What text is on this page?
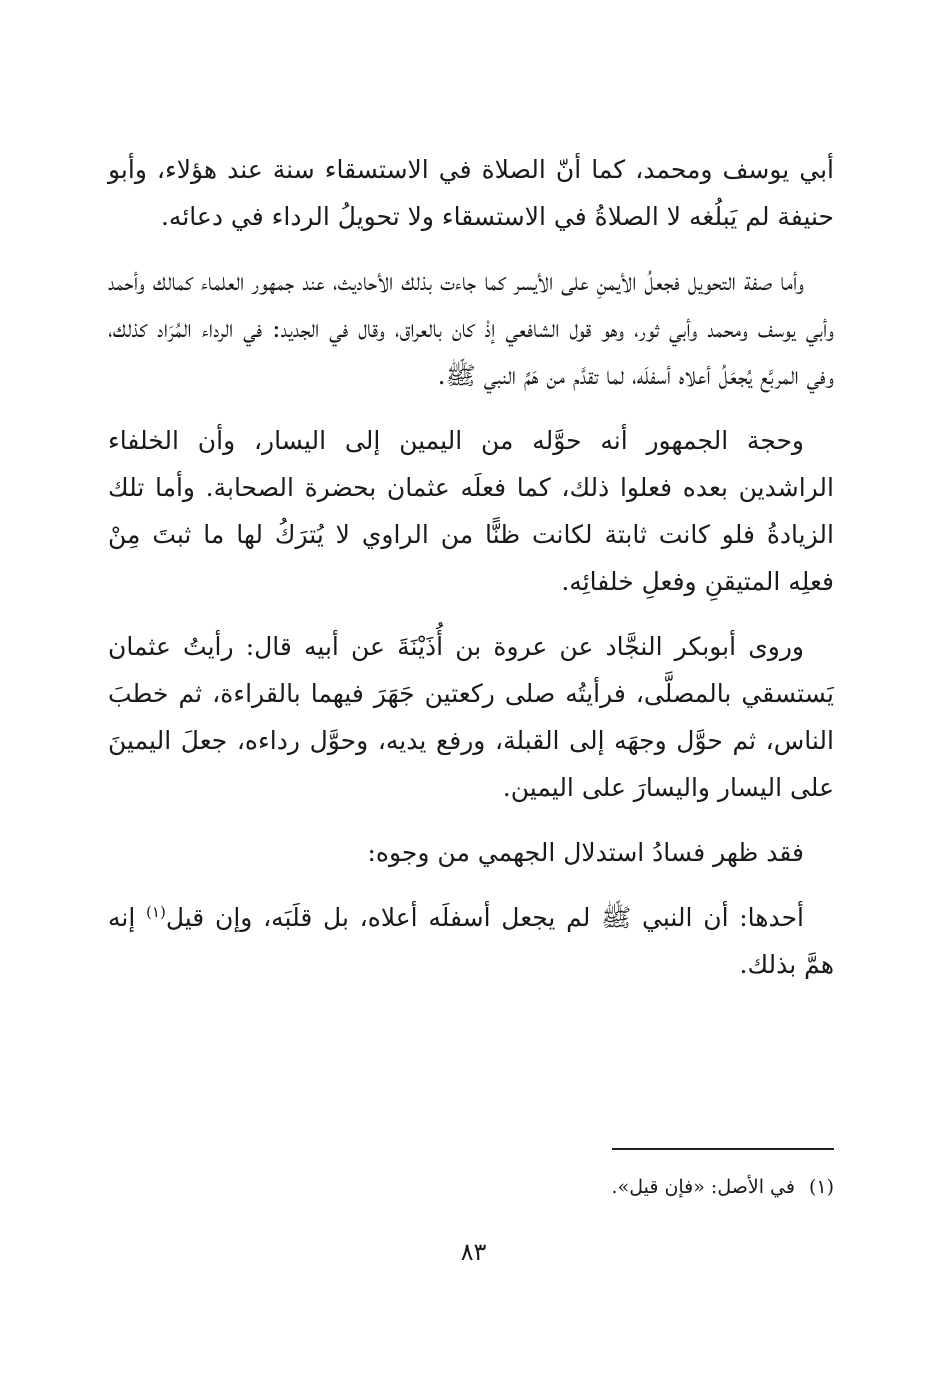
أبي يوسف ومحمد، كما أنّ الصلاة في الاستسقاء سنة عند هؤلاء، وأبو حنيفة لم يَبلُغه لا الصلاةُ في الاستسقاء ولا تحويلُ الرداء في دعائه.

وأما صفة التحويل فجعلُ الأيمنِ على الأيسر كما جاءت بذلك الأحاديث، عند جمهور العلماء كمالك وأحمد وأبي يوسف ومحمد وأبي ثور، وهو قول الشافعي إذْ كان بالعراق، وقال في الجديد: في الرداء المُرَاد كذلك، وفي المربَّع يُجعَلُ أعلاه أسفلَه، لما تقدَّم من هَمِّ النبي ﷺ.

وحجة الجمهور أنه حوَّله من اليمين إلى اليسار، وأن الخلفاء الراشدين بعده فعلوا ذلك، كما فعلَه عثمان بحضرة الصحابة. وأما تلك الزيادةُ فلو كانت ثابتة لكانت ظنًّا من الراوي لا يُترَكُ لها ما ثبتَ مِنْ فعلِه المتيقنِ وفعلِ خلفائِه.

وروى أبوبكر النجَّاد عن عروة بن أُذَيْنَةَ عن أبيه قال: رأيتُ عثمان يَستسقي بالمصلَّى، فرأيتُه صلى ركعتين جَهَرَ فيهما بالقراءة، ثم خطبَ الناس، ثم حوَّل وجهَه إلى القبلة، ورفع يديه، وحوَّل رداءه، جعلَ اليمينَ على اليسار واليسارَ على اليمين.

فقد ظهر فسادُ استدلال الجهمي من وجوه:

أحدها: أن النبي ﷺ لم يجعل أسفلَه أعلاه، بل قلَبَه، وإن قيل$^{(١)}$ إنه همَّ بذلك.

(١)في الأصل: «فإن قيل».
٨٣
